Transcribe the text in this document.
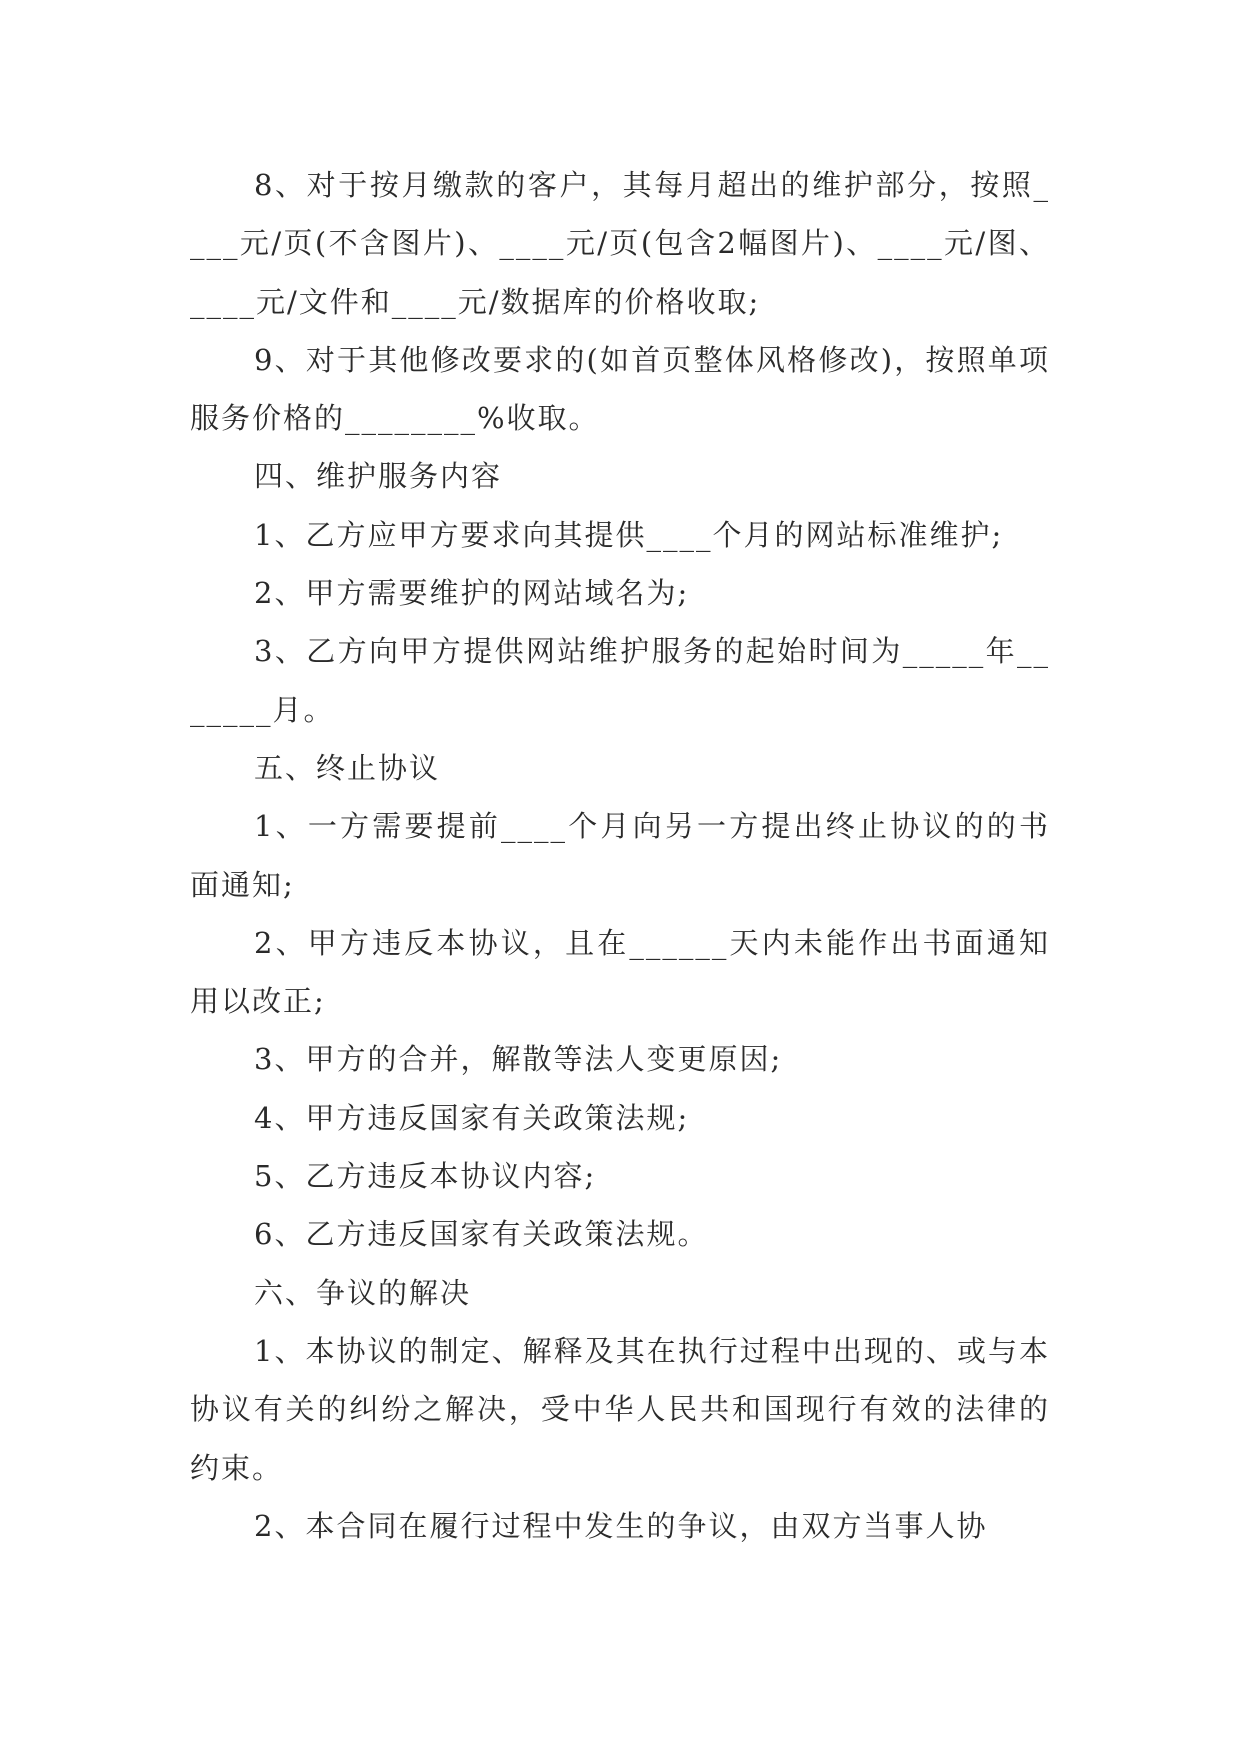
8、对于按月缴款的客户，其每月超出的维护部分，按照____元/页(不含图片)、____元/页(包含2幅图片)、____元/图、____元/文件和____元/数据库的价格收取;

9、对于其他修改要求的(如首页整体风格修改)，按照单项服务价格的________%收取。

四、维护服务内容

1、乙方应甲方要求向其提供____个月的网站标准维护;

2、甲方需要维护的网站域名为;

3、乙方向甲方提供网站维护服务的起始时间为_____年_______月。

五、终止协议

1、一方需要提前____个月向另一方提出终止协议的的书面通知;

2、甲方违反本协议，且在______天内未能作出书面通知用以改正;

3、甲方的合并，解散等法人变更原因;

4、甲方违反国家有关政策法规;

5、乙方违反本协议内容;

6、乙方违反国家有关政策法规。

六、争议的解决

1、本协议的制定、解释及其在执行过程中出现的、或与本协议有关的纠纷之解决，受中华人民共和国现行有效的法律的约束。

2、本合同在履行过程中发生的争议，由双方当事人协
